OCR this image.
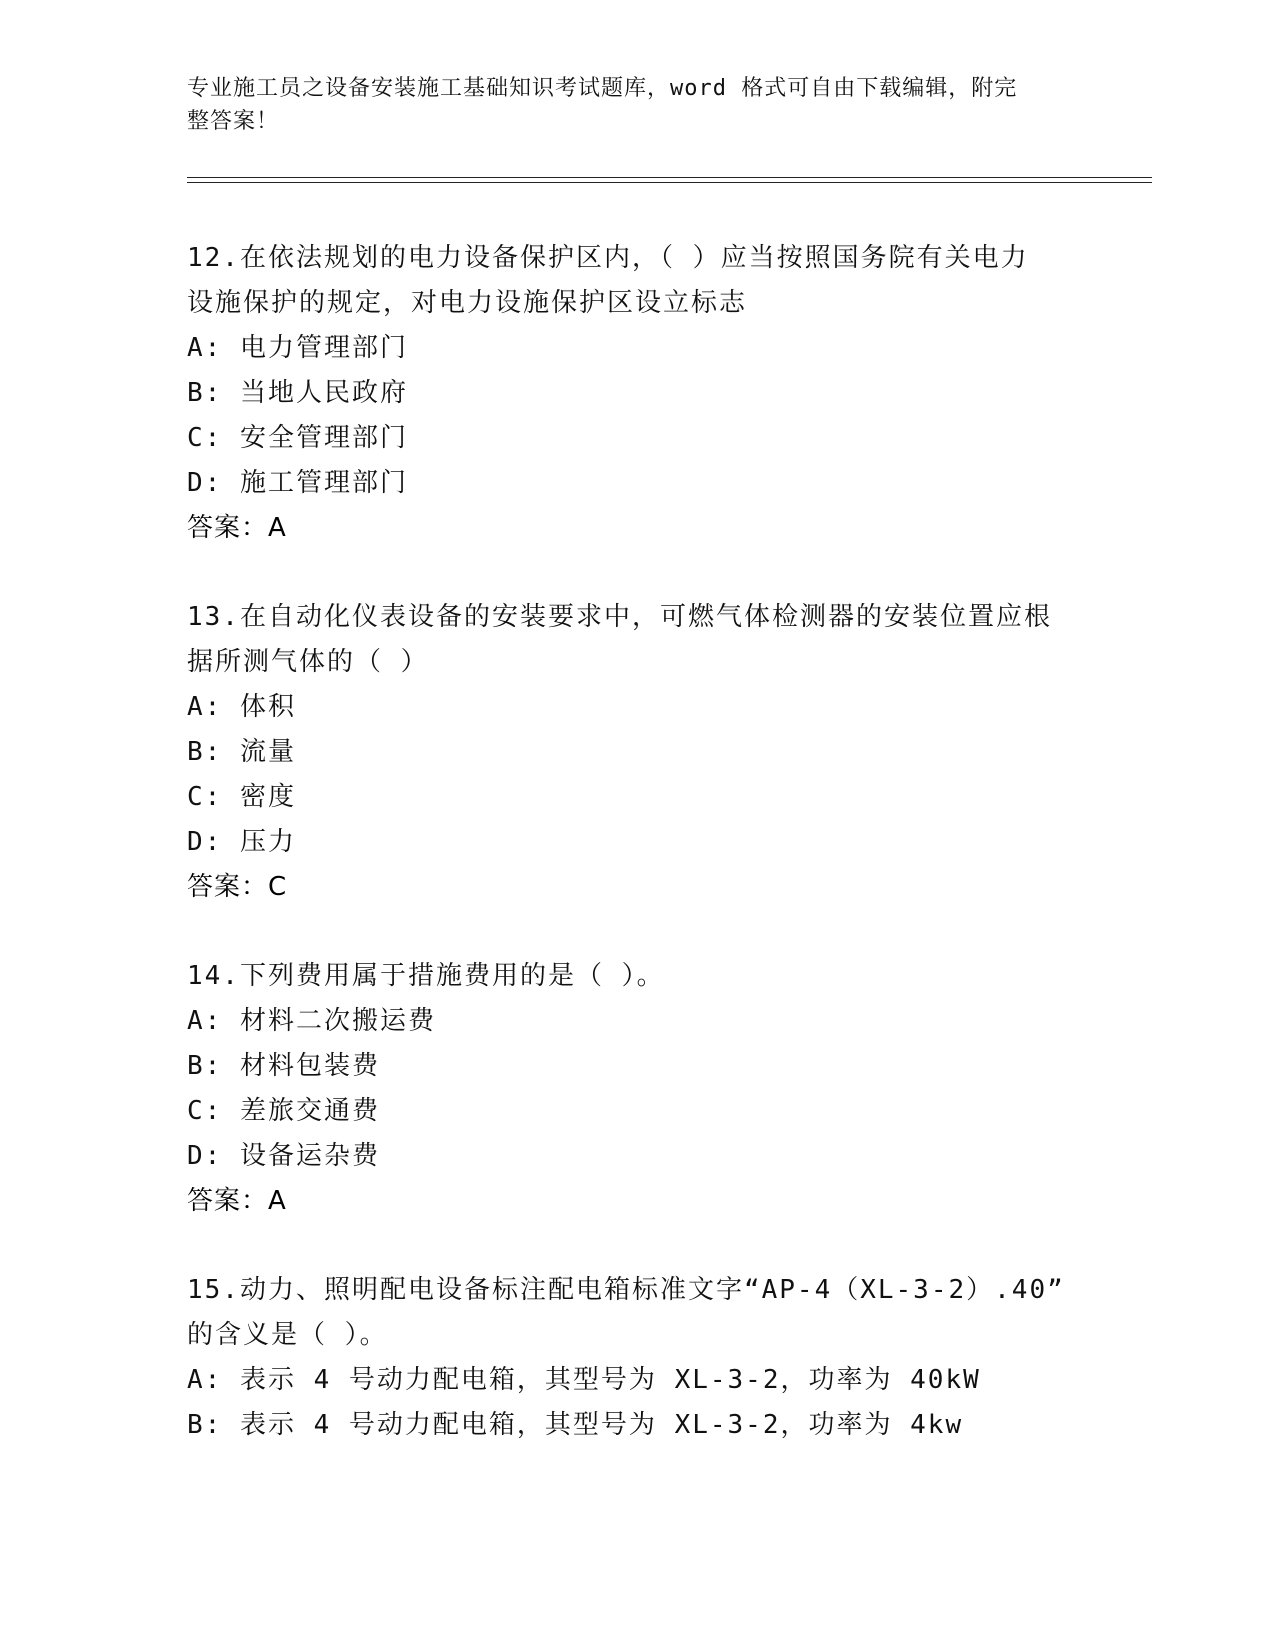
专业施工员之设备安装施工基础知识考试题库，word 格式可自由下载编辑，附完
整答案！
12.在依法规划的电力设备保护区内，（ ）应当按照国务院有关电力
设施保护的规定，对电力设施保护区设立标志
A: 电力管理部门
B: 当地人民政府
C: 安全管理部门
D: 施工管理部门
答案：A
13.在自动化仪表设备的安装要求中，可燃气体检测器的安装位置应根
据所测气体的（ ）
A: 体积
B: 流量
C: 密度
D: 压力
答案：C
14.下列费用属于措施费用的是（ ）。
A: 材料二次搬运费
B: 材料包装费
C: 差旅交通费
D: 设备运杂费
答案：A
15.动力、照明配电设备标注配电箱标准文字“AP-4（XL-3-2）.40”
的含义是（ ）。
A: 表示 4 号动力配电箱，其型号为 XL-3-2，功率为 40kW
B: 表示 4 号动力配电箱，其型号为 XL-3-2，功率为 4kw
